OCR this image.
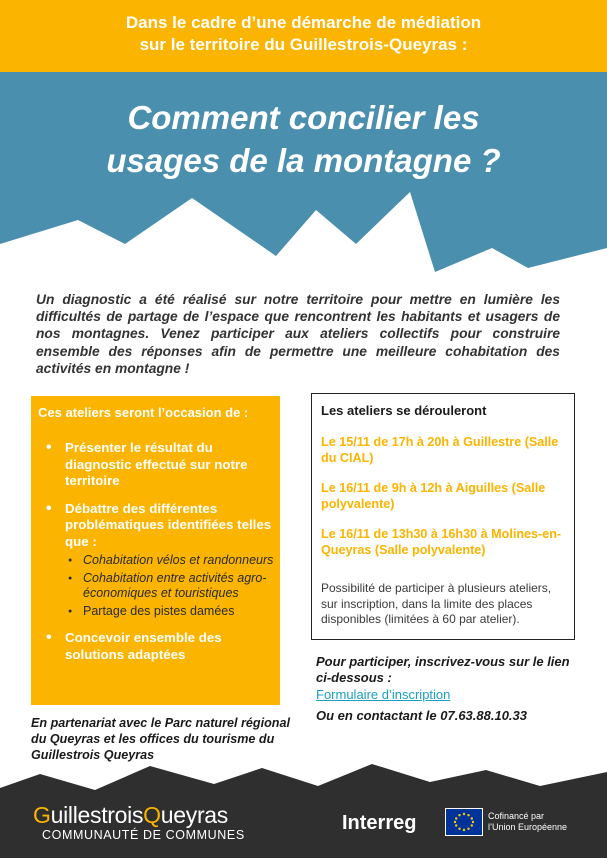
Dans le cadre d’une démarche de médiation
sur le territoire du Guillestrois-Queyras :
Comment concilier les
usages de la montagne ?
Un diagnostic a été réalisé sur notre territoire pour mettre en lumière les difficultés de partage de l’espace que rencontrent les habitants et usagers de nos montagnes. Venez participer aux ateliers collectifs pour construire ensemble des réponses afin de permettre une meilleure cohabitation des activités en montagne !
Ces ateliers seront l’occasion de :
• Présenter le résultat du diagnostic effectué sur notre territoire
• Débattre des différentes problématiques identifiées telles que :
● Cohabitation vélos et randonneurs
● Cohabitation entre activités agro-économiques et touristiques
● Partage des pistes damées
• Concevoir ensemble des solutions adaptées
Les ateliers se dérouleront
Le 15/11 de 17h à 20h à Guillestre (Salle du CIAL)
Le 16/11 de 9h à 12h à Aiguilles (Salle polyvalente)
Le 16/11 de 13h30 à 16h30 à Molines-en-Queyras (Salle polyvalente)
Possibilité de participer à plusieurs ateliers, sur inscription, dans la limite des places disponibles (limitées à 60 par atelier).
Pour participer, inscrivez-vous sur le lien ci-dessous :
Formulaire d’inscription
Ou en contactant le 07.63.88.10.33
En partenariat avec le Parc naturel régional du Queyras et les offices du tourisme du Guillestrois Queyras
GuillestroisQueyras
COMMUNAUTÉ DE COMMUNES
Interreg	Cofinancé par
l’Union Européenne
